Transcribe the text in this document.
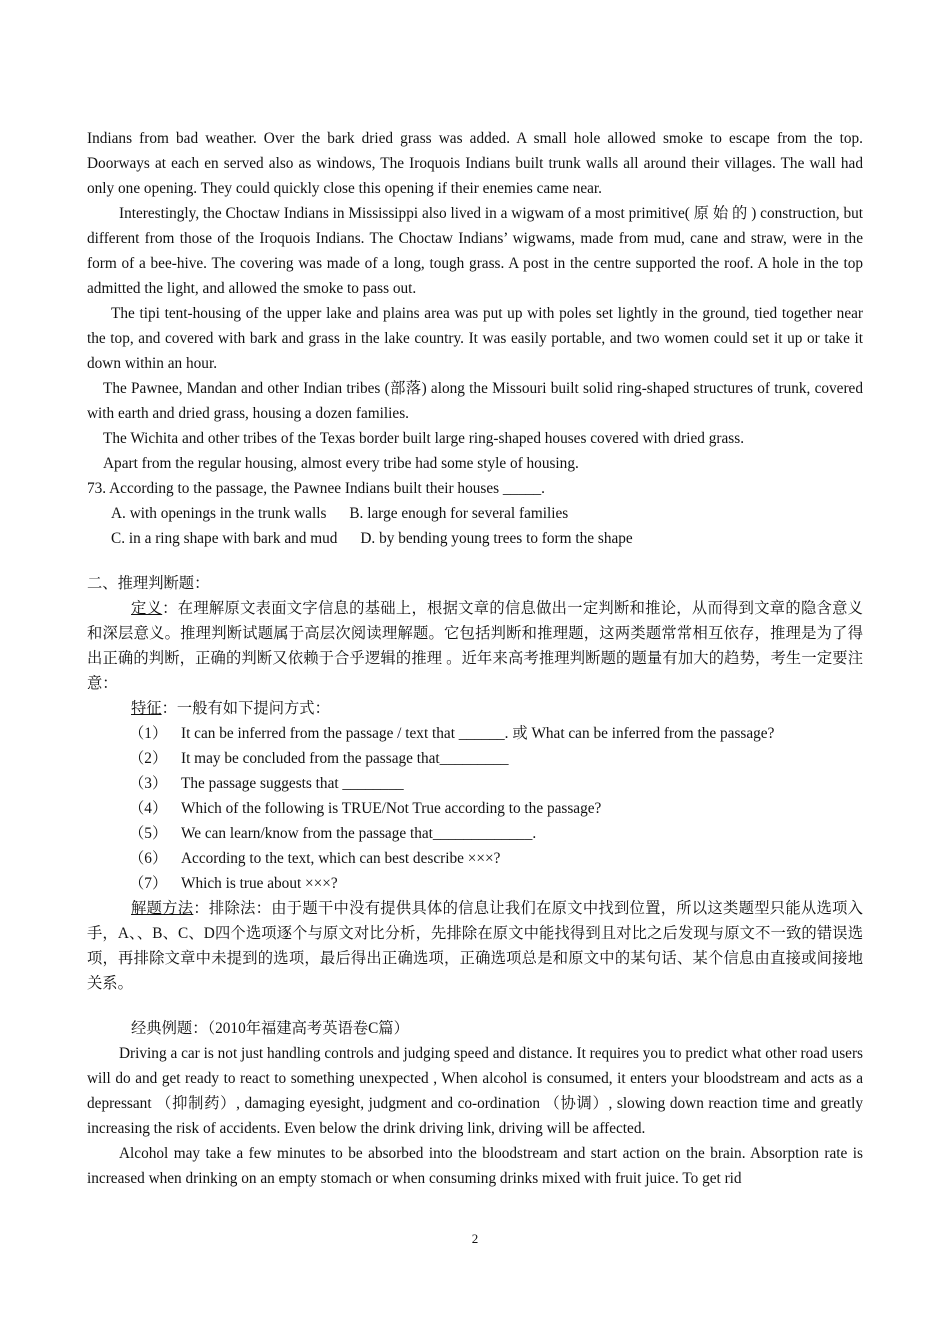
Indians from bad weather. Over the bark dried grass was added. A small hole allowed smoke to escape from the top. Doorways at each en served also as windows, The Iroquois Indians built trunk walls all around their villages. The wall had only one opening. They could quickly close this opening if their enemies came near.

Interestingly, the Choctaw Indians in Mississippi also lived in a wigwam of a most primitive( 原 始 的 ) construction, but different from those of the Iroquois Indians. The Choctaw Indians’ wigwams, made from mud, cane and straw, were in the form of a bee-hive. The covering was made of a long, tough grass. A post in the centre supported the roof. A hole in the top admitted the light, and allowed the smoke to pass out.

The tipi tent-housing of the upper lake and plains area was put up with poles set lightly in the ground, tied together near the top, and covered with bark and grass in the lake country. It was easily portable, and two women could set it up or take it down within an hour.

The Pawnee, Mandan and other Indian tribes (部落) along the Missouri built solid ring-shaped structures of trunk, covered with earth and dried grass, housing a dozen families.

The Wichita and other tribes of the Texas border built large ring-shaped houses covered with dried grass.

Apart from the regular housing, almost every tribe had some style of housing.

73. According to the passage, the Pawnee Indians built their houses _____.

A. with openings in the trunk walls      B. large enough for several families

C. in a ring shape with bark and mud      D. by bending young trees to form the shape

二、推理判断题：

定义：在理解原文表面文字信息的基础上，根据文章的信息做出一定判断和推论，从而得到文章的隐含意义和深层意义。推理判断试题属于高层次阅读理解题。它包括判断和推理题，这两类题常常相互依存，推理是为了得出正确的判断，正确的判断又依赖于合乎逻辑的推理 。近年来高考推理判断题的题量有加大的趋势，考生一定要注意：

特征：一般有如下提问方式：

（1） It can be inferred from the passage / text that ______. 或 What can be inferred from the passage?
（2） It may be concluded from the passage that_________
（3） The passage suggests that ________
（4） Which of the following is TRUE/Not True according to the passage?
（5） We can learn/know from the passage that_____________.
（6） According to the text, which can best describe ×××?
（7） Which is true about ×××?

解题方法：排除法：由于题干中没有提供具体的信息让我们在原文中找到位置，所以这类题型只能从选项入手，A、、B、C、D四个选项逐个与原文对比分析，先排除在原文中能找得到且对比之后发现与原文不一致的错误选项，再排除文章中未提到的选项，最后得出正确选项，正确选项总是和原文中的某句话、某个信息由直接或间接地关系。

经典例题：（2010年福建高考英语卷C篇）

Driving a car is not just handling controls and judging speed and distance. It requires you to predict what other road users will do and get ready to react to something unexpected , When alcohol is consumed, it enters your bloodstream and acts as a depressant （抑制药）, damaging eyesight, judgment and co-ordination （协调）, slowing down reaction time and greatly increasing the risk of accidents. Even below the drink driving link, driving will be affected.

Alcohol may take a few minutes to be absorbed into the bloodstream and start action on the brain. Absorption rate is increased when drinking on an empty stomach or when consuming drinks mixed with fruit juice. To get rid

2
